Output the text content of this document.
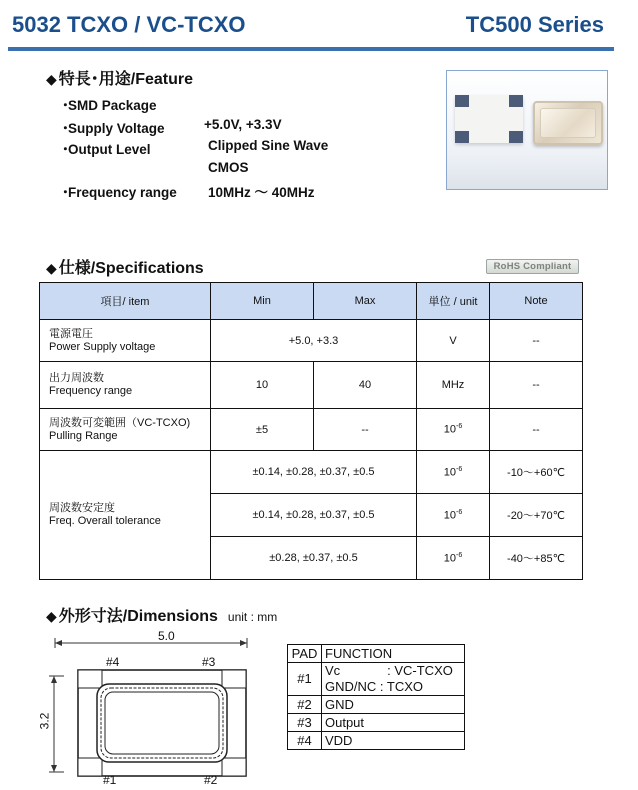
5032 TCXO / VC-TCXO	TC500 Series
◆ 特長･用途/Feature
･SMD Package
･Supply Voltage	+5.0V, +3.3V
･Output Level	Clipped Sine Wave
CMOS
･Frequency range 10MHz ～ 40MHz
◆ 仕様/Specifications	RoHS Compliant
項目/ item	Min	Max	単位 / unit	Note

電源電圧
Power Supply voltage	+5.0, +3.3		V	--

出力周波数
Frequency range	10	40	MHz	--

周波数可変範囲（VC-TCXO)
Pulling Range	±5	--	$10^{-6}$	--

周波数安定度
Freq. Overall tolerance	±0.14, ±0.28, ±0.37, ±0.5		$10^{-6}$	-10～+60℃
	±0.14, ±0.28, ±0.37, ±0.5		$10^{-6}$	-20～+70℃
	±0.28, ±0.37, ±0.5		$10^{-6}$	-40～+85℃
◆ 外形寸法/Dimensions unit : mm
5.0
3.2
#4	#3
#1	#2
PAD	FUNCTION
#1	Vc             : VC-TCXO
GND/NC : TCXO

#2	GND
#3	Output
#4	VDD
